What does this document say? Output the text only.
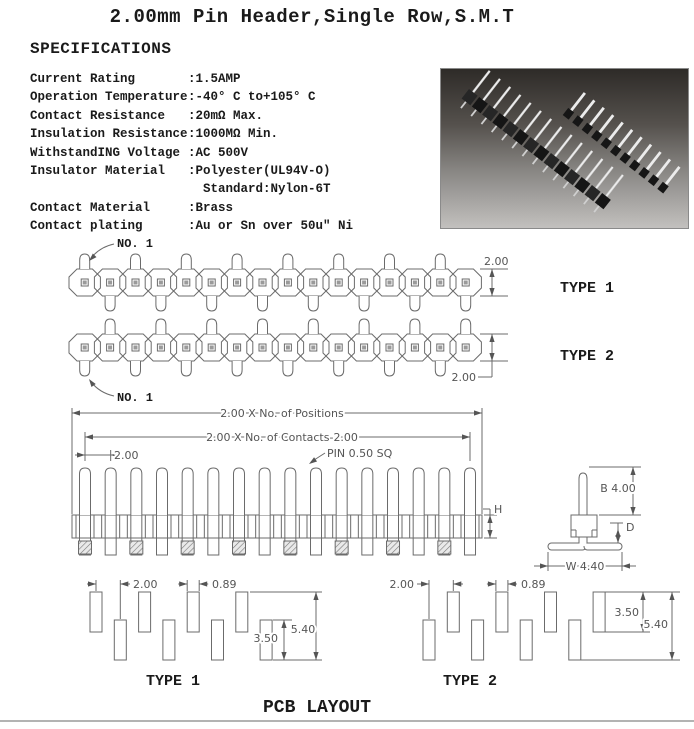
2.00mm Pin Header,Single Row,S.M.T
SPECIFICATIONS
Current Rating	:1.5AMP
Operation Temperature :-40° C to+105° C
Contact Resistance	:20mΩ Max.
Insulation Resistance :1000MΩ Min.
WithstandING Voltage :AC 500V
Insulator Material	:Polyester(UL94V-O)
Standard:Nylon-6T
Contact Material	:Brass
Contact plating	:Au or Sn over 50u" Ni
NO. 1
2.00
TYPE 1
NO. 1
2.00
TYPE 2
2.00 X No. of Positions
2.00 X No. of Contacts-2.00
2.00	PIN 0.50 SQ
H
B 4.00
D
W 4.40
2.00	0.89
5.40
3.50
TYPE 1
2.00	0.89
3.50
5.40
TYPE 2
PCB LAYOUT
